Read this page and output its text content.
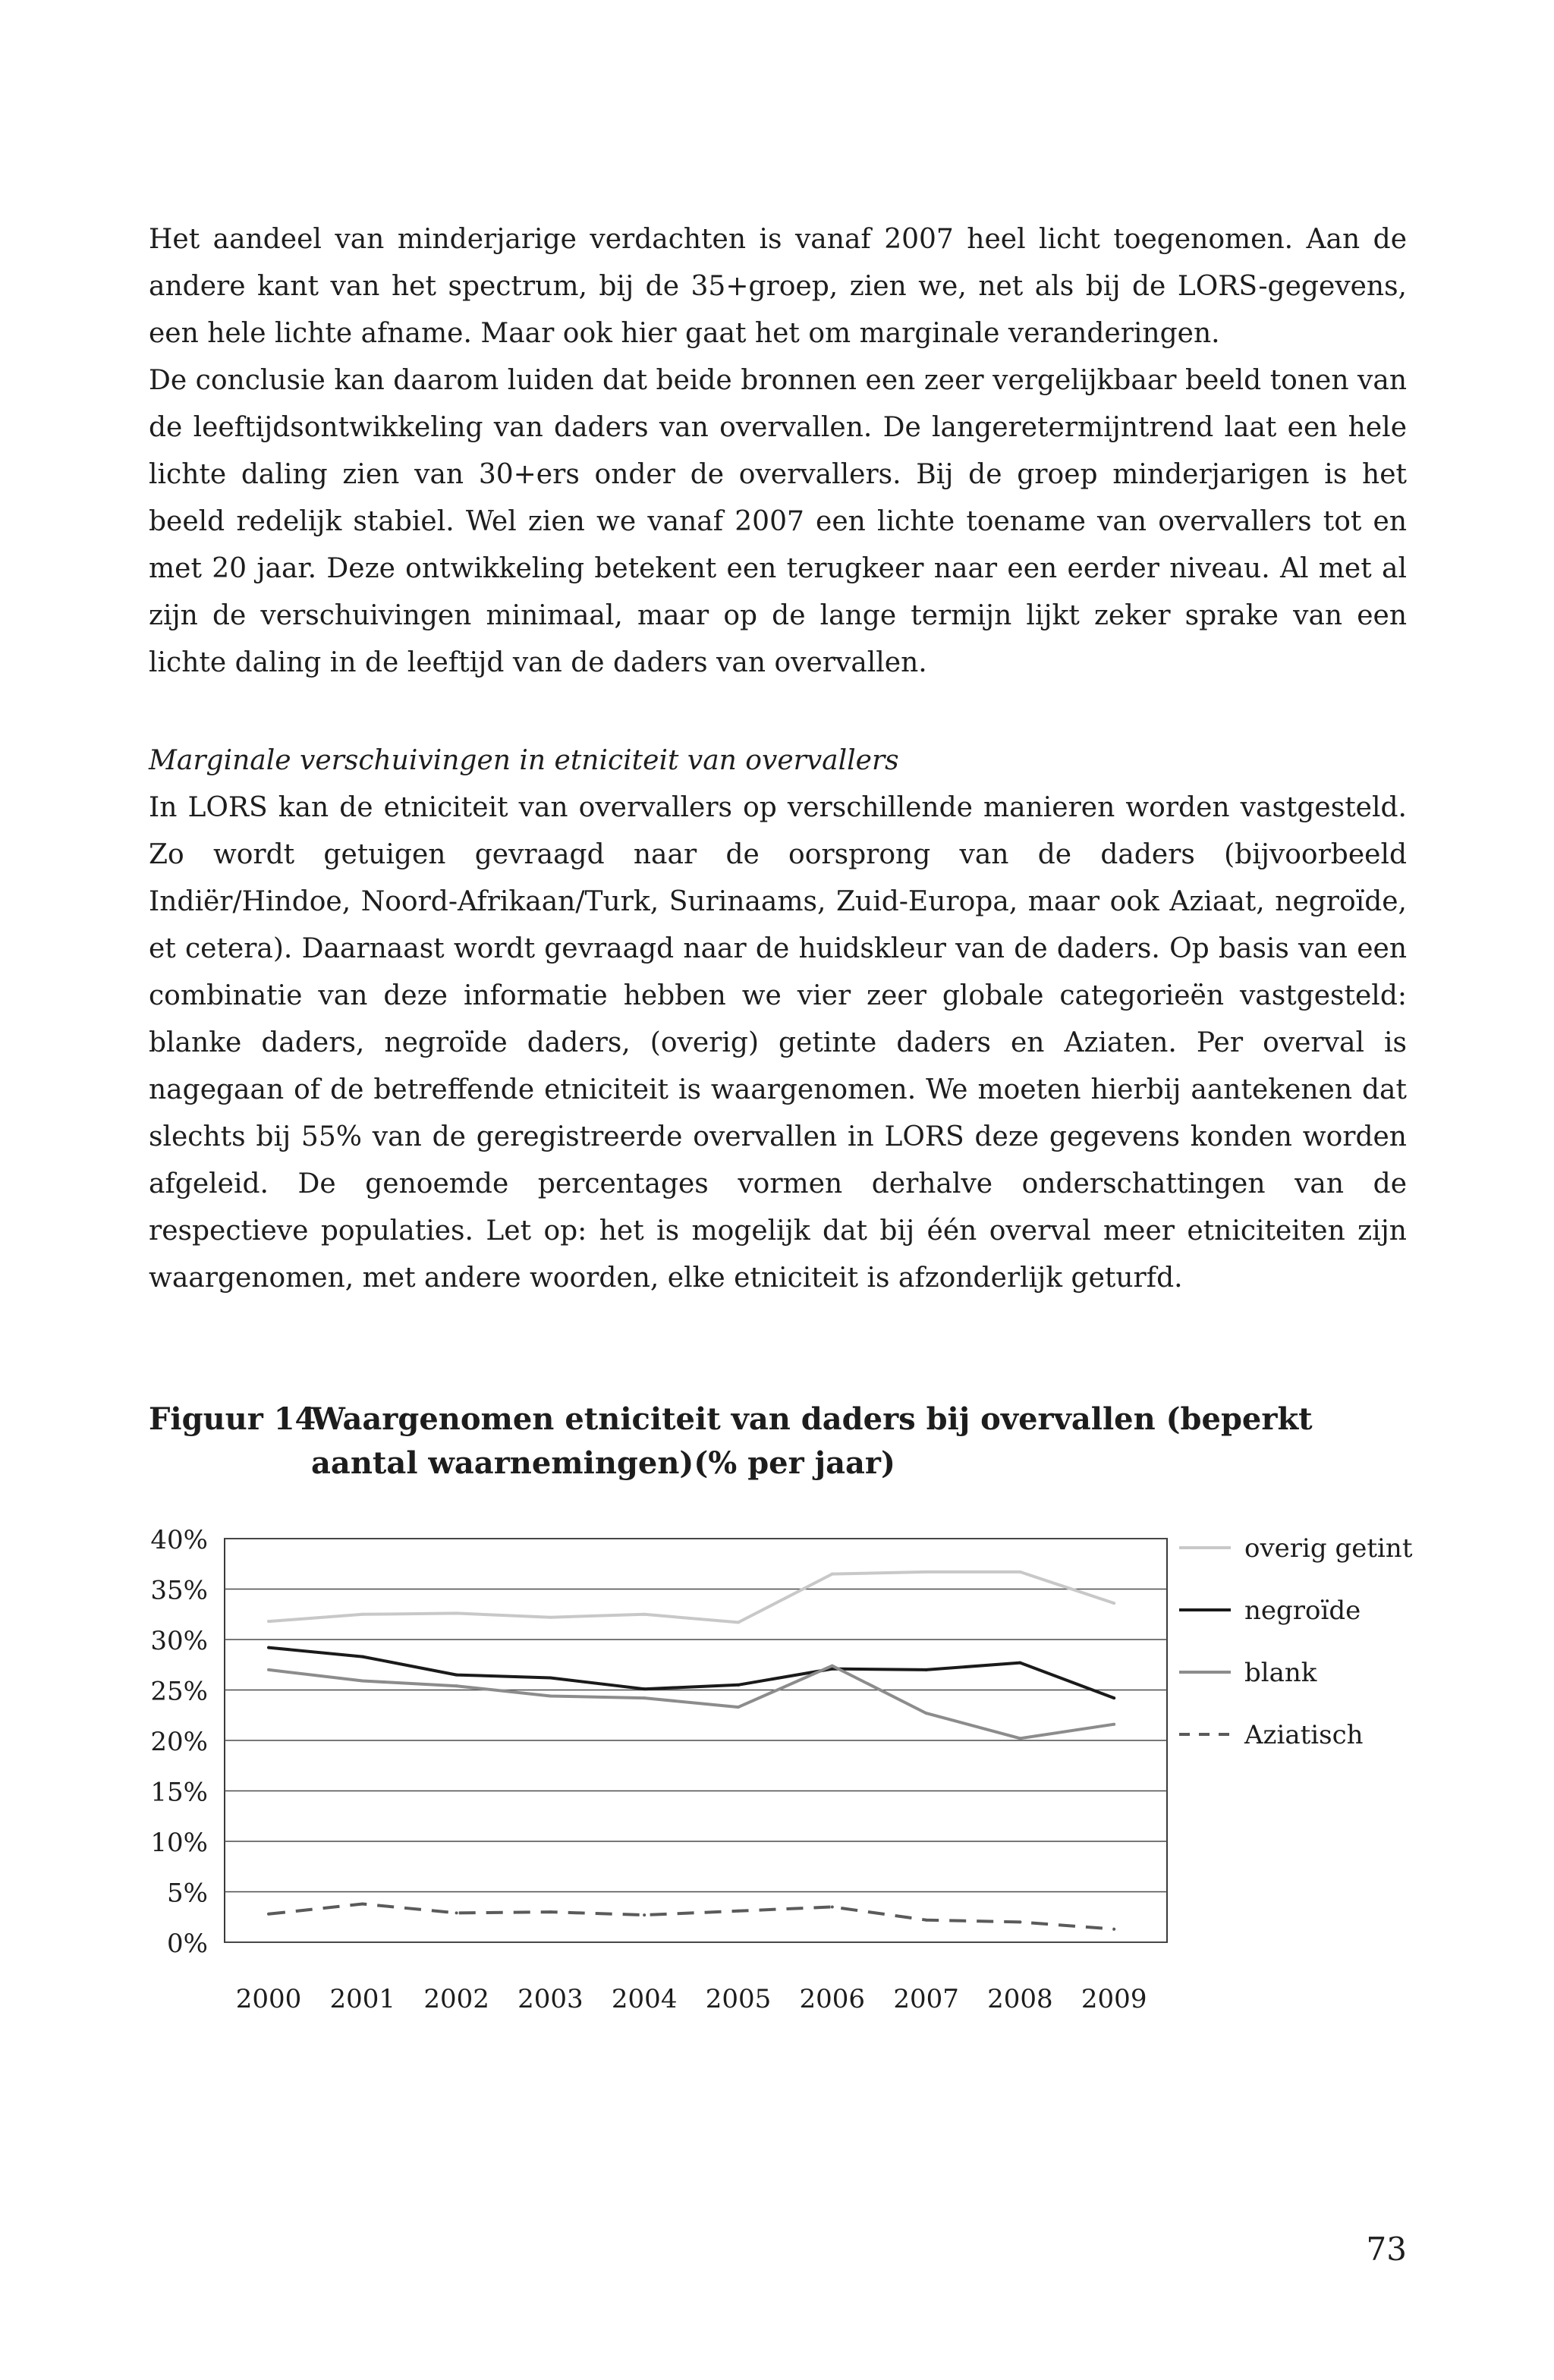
Het aandeel van minderjarige verdachten is vanaf 2007 heel licht toegenomen. Aan de andere kant van het spectrum, bij de 35+groep, zien we, net als bij de LORS-gegevens, een hele lichte afname. Maar ook hier gaat het om marginale veranderingen.

De conclusie kan daarom luiden dat beide bronnen een zeer vergelijkbaar beeld tonen van de leeftijdsontwikkeling van daders van overvallen. De langeretermijntrend laat een hele lichte daling zien van 30+ers onder de overvallers. Bij de groep minderjarigen is het beeld redelijk stabiel. Wel zien we vanaf 2007 een lichte toename van overvallers tot en met 20 jaar. Deze ontwikkeling betekent een terugkeer naar een eerder niveau. Al met al zijn de verschuivingen minimaal, maar op de lange termijn lijkt zeker sprake van een lichte daling in de leeftijd van de daders van overvallen.

Marginale verschuivingen in etniciteit van overvallers

In LORS kan de etniciteit van overvallers op verschillende manieren worden vastgesteld. Zo wordt getuigen gevraagd naar de oorsprong van de daders (bijvoorbeeld Indiër/Hindoe, Noord-Afrikaan/Turk, Surinaams, Zuid-Europa, maar ook Aziaat, negroïde, et cetera). Daarnaast wordt gevraagd naar de huidskleur van de daders. Op basis van een combinatie van deze informatie hebben we vier zeer globale categorieën vastgesteld: blanke daders, negroïde daders, (overig) getinte daders en Aziaten. Per overval is nagegaan of de betreffende etniciteit is waargenomen. We moeten hierbij aantekenen dat slechts bij 55% van de geregistreerde overvallen in LORS deze gegevens konden worden afgeleid. De genoemde percentages vormen derhalve onderschattingen van de respectieve populaties. Let op: het is mogelijk dat bij één overval meer etniciteiten zijn waargenomen, met andere woorden, elke etniciteit is afzonderlijk geturfd.

Figuur 14
Waargenomen etniciteit van daders bij overvallen (beperkt aantal waarnemingen)(% per jaar)
0%
5%
10%
15%
20%
25%
30%
35%
40%
2000 2001 2002 2003 2004 2005 2006 2007 2008 2009
overig getint
negroïde
blank
Aziatisch
73
